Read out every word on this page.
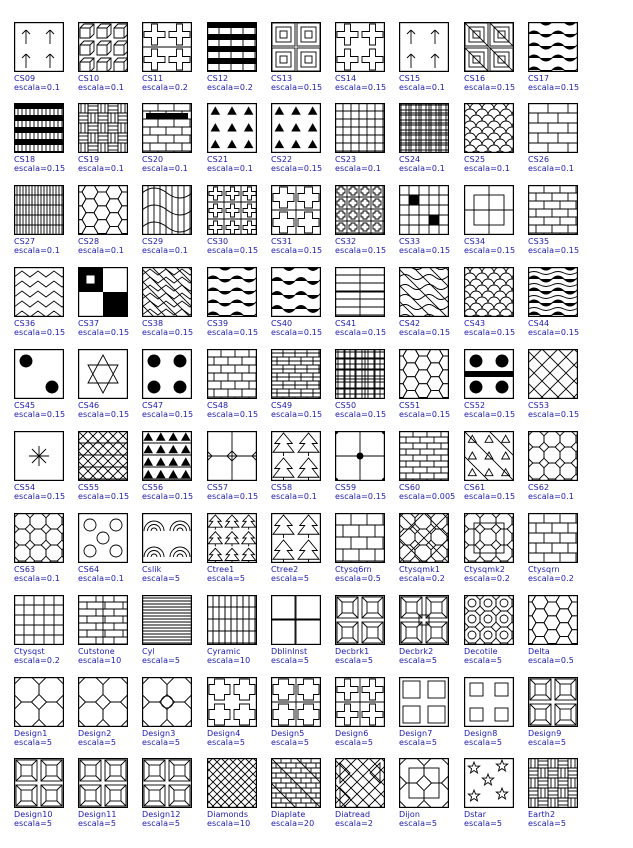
CS09
escala=0.1
CS10
escala=0.1
CS11
escala=0.2
CS12
escala=0.2
CS13
escala=0.15
CS14
escala=0.15
CS15
escala=0.1
CS16
escala=0.15
CS17
escala=0.15
CS18
escala=0.15
CS19
escala=0.1
CS20
escala=0.1
CS21
escala=0.1
CS22
escala=0.15
CS23
escala=0.1
CS24
escala=0.1
CS25
escala=0.1
CS26
escala=0.1
CS27
escala=0.1
CS28
escala=0.1
CS29
escala=0.1
CS30
escala=0.15
CS31
escala=0.15
CS32
escala=0.15
CS33
escala=0.15
CS34
escala=0.15
CS35
escala=0.15
CS36
escala=0.15
CS37
escala=0.15
CS38
escala=0.15
CS39
escala=0.15
CS40
escala=0.15
CS41
escala=0.15
CS42
escala=0.15
CS43
escala=0.15
CS44
escala=0.15
CS45
escala=0.15
CS46
escala=0.15
CS47
escala=0.15
CS48
escala=0.15
CS49
escala=0.15
CS50
escala=0.15
CS51
escala=0.15
CS52
escala=0.15
CS53
escala=0.15
CS54
escala=0.15
CS55
escala=0.15
CS56
escala=0.15
CS57
escala=0.15
CS58
escala=0.1
CS59
escala=0.15
CS60
escala=0.005
CS61
escala=0.15
CS62
escala=0.1
CS63
escala=0.1
CS64
escala=0.1
Cslik
escala=5
Ctree1
escala=5
Ctree2
escala=5
Ctysq6rn
escala=0.5
Ctysqmk1
escala=0.2
Ctysqmk2
escala=0.2
Ctysqrn
escala=0.2
Ctysqst
escala=0.2
Cutstone
escala=10
Cyl
escala=5
Cyramic
escala=10
Dblinlnst
escala=5
Decbrk1
escala=5
Decbrk2
escala=5
Decotile
escala=5
Delta
escala=0.5
Design1
escala=5
Design2
escala=5
Design3
escala=5
Design4
escala=5
Design5
escala=5
Design6
escala=5
Design7
escala=5
Design8
escala=5
Design9
escala=5
Design10
escala=5
Design11
escala=5
Design12
escala=5
Diamonds
escala=10
Diaplate
escala=20
Diatread
escala=2
Dijon
escala=5
Dstar
escala=5
Earth2
escala=5
